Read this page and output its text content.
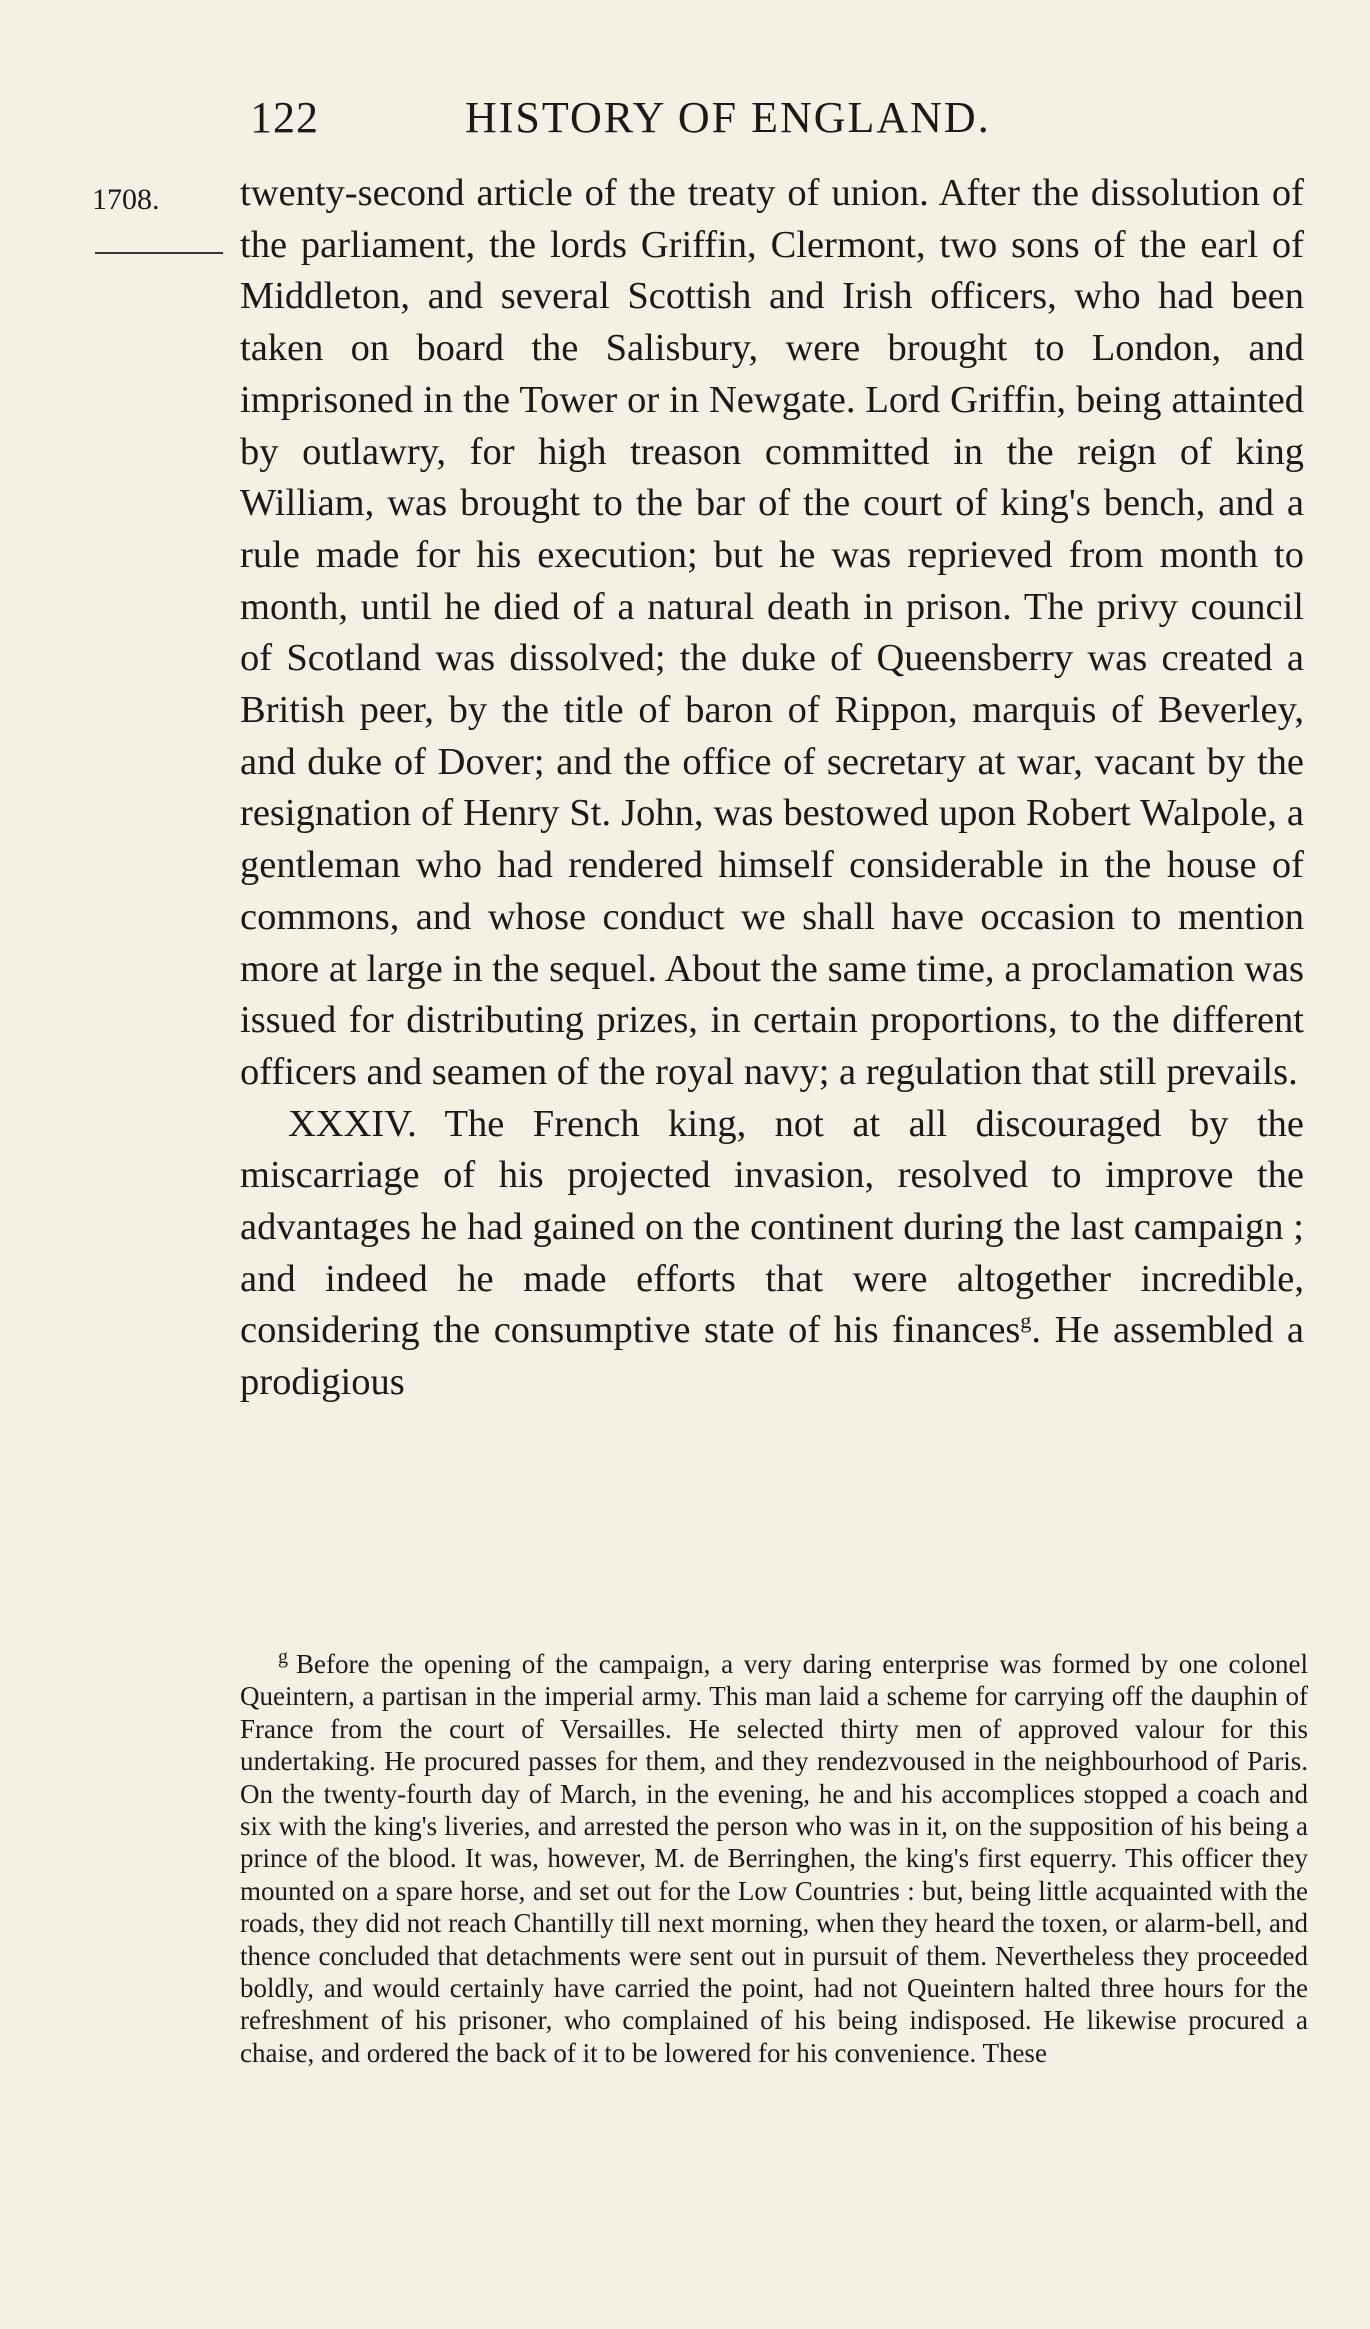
122	HISTORY OF ENGLAND.
1708. twenty-second article of the treaty of union. After the dissolution of the parliament, the lords Griffin, Clermont, two sons of the earl of Middleton, and several Scottish and Irish officers, who had been taken on board the Salisbury, were brought to London, and imprisoned in the Tower or in Newgate. Lord Griffin, being attainted by outlawry, for high treason committed in the reign of king William, was brought to the bar of the court of king's bench, and a rule made for his execution; but he was reprieved from month to month, until he died of a natural death in prison. The privy council of Scotland was dissolved; the duke of Queensberry was created a British peer, by the title of baron of Rippon, marquis of Beverley, and duke of Dover; and the office of secretary at war, vacant by the resignation of Henry St. John, was bestowed upon Robert Walpole, a gentleman who had rendered himself considerable in the house of commons, and whose conduct we shall have occasion to mention more at large in the sequel. About the same time, a proclamation was issued for distributing prizes, in certain proportions, to the different officers and seamen of the royal navy; a regulation that still prevails.

XXXIV. The French king, not at all discouraged by the miscarriage of his projected invasion, resolved to improve the advantages he had gained on the continent during the last campaign ; and indeed he made efforts that were altogether incredible, considering the consumptive state of his finances$^g$. He assembled a prodigious

$^g$ Before the opening of the campaign, a very daring enterprise was formed by one colonel Queintern, a partisan in the imperial army. This man laid a scheme for carrying off the dauphin of France from the court of Versailles. He selected thirty men of approved valour for this undertaking. He procured passes for them, and they rendezvoused in the neighbourhood of Paris. On the twenty-fourth day of March, in the evening, he and his accomplices stopped a coach and six with the king's liveries, and arrested the person who was in it, on the supposition of his being a prince of the blood. It was, however, M. de Berringhen, the king's first equerry. This officer they mounted on a spare horse, and set out for the Low Countries : but, being little acquainted with the roads, they did not reach Chantilly till next morning, when they heard the toxen, or alarm-bell, and thence concluded that detachments were sent out in pursuit of them. Nevertheless they proceeded boldly, and would certainly have carried the point, had not Queintern halted three hours for the refreshment of his prisoner, who complained of his being indisposed. He likewise procured a chaise, and ordered the back of it to be lowered for his convenience. These
